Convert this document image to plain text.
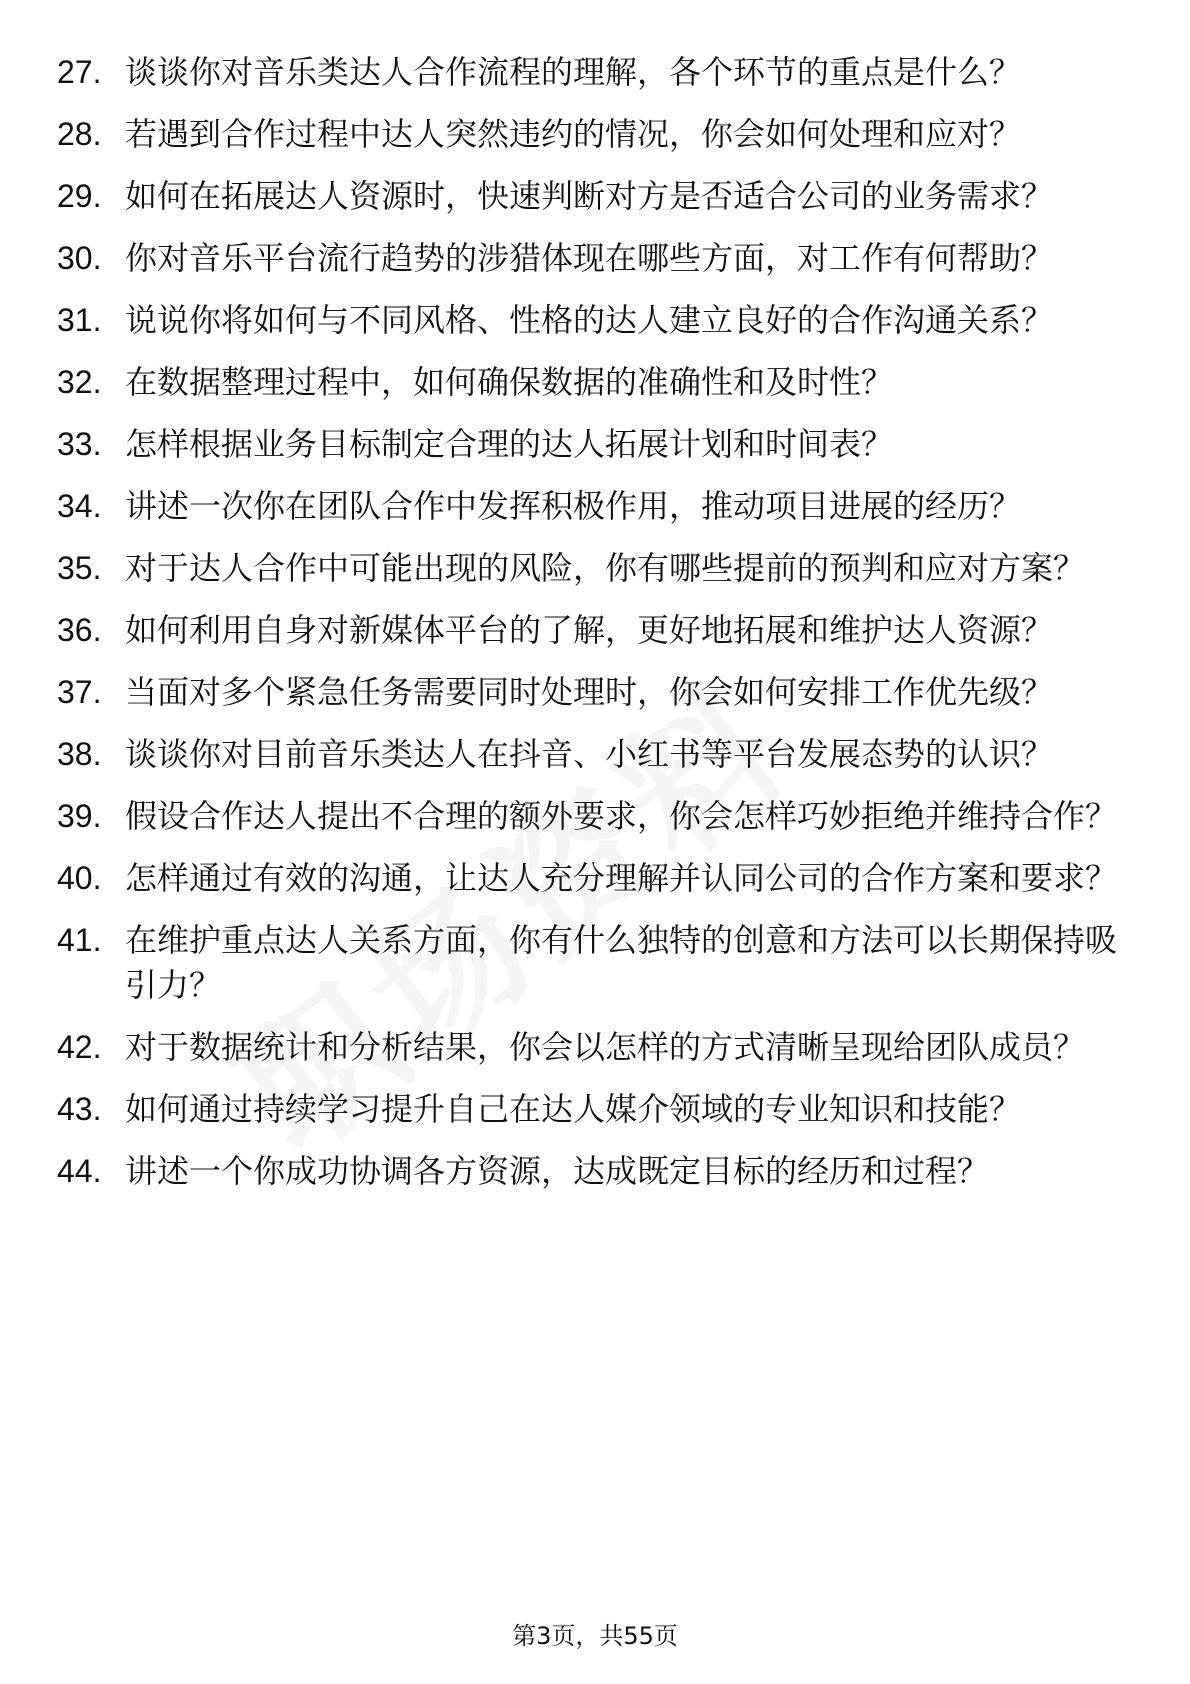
27. 谈谈你对音乐类达人合作流程的理解，各个环节的重点是什么？
28. 若遇到合作过程中达人突然违约的情况，你会如何处理和应对？
29. 如何在拓展达人资源时，快速判断对方是否适合公司的业务需求？
30. 你对音乐平台流行趋势的涉猎体现在哪些方面，对工作有何帮助？
31. 说说你将如何与不同风格、性格的达人建立良好的合作沟通关系？
32. 在数据整理过程中，如何确保数据的准确性和及时性？
33. 怎样根据业务目标制定合理的达人拓展计划和时间表？
34. 讲述一次你在团队合作中发挥积极作用，推动项目进展的经历？
35. 对于达人合作中可能出现的风险，你有哪些提前的预判和应对方案？
36. 如何利用自身对新媒体平台的了解，更好地拓展和维护达人资源？
37. 当面对多个紧急任务需要同时处理时，你会如何安排工作优先级？
38. 谈谈你对目前音乐类达人在抖音、小红书等平台发展态势的认识？
39. 假设合作达人提出不合理的额外要求，你会怎样巧妙拒绝并维持合作？
40. 怎样通过有效的沟通，让达人充分理解并认同公司的合作方案和要求？
41. 在维护重点达人关系方面，你有什么独特的创意和方法可以长期保持吸引力？
42. 对于数据统计和分析结果，你会以怎样的方式清晰呈现给团队成员？
43. 如何通过持续学习提升自己在达人媒介领域的专业知识和技能？
44. 讲述一个你成功协调各方资源，达成既定目标的经历和过程？
第3页，共55页
